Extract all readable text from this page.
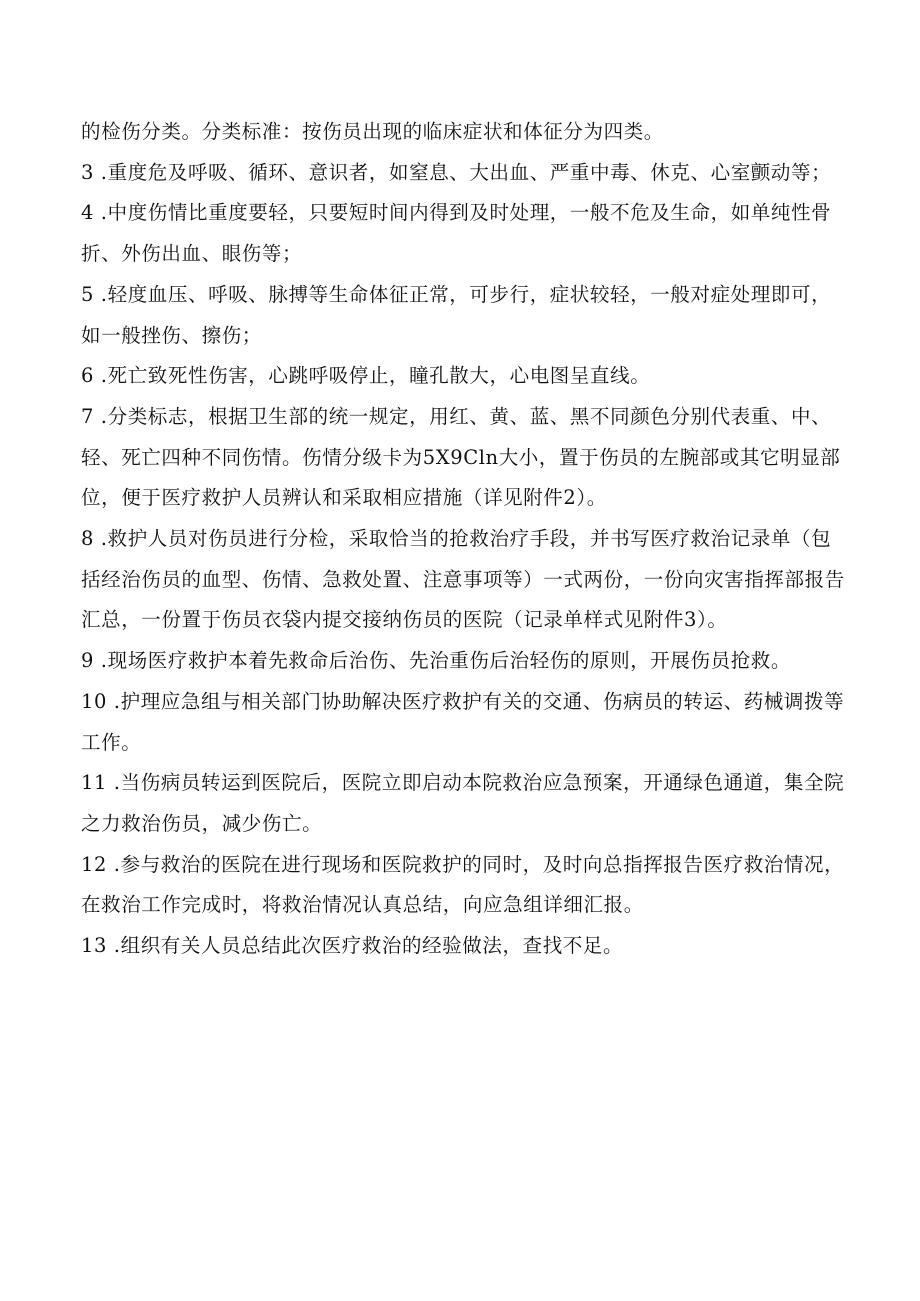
的检伤分类。分类标准：按伤员出现的临床症状和体征分为四类。

3 .重度危及呼吸、循环、意识者，如窒息、大出血、严重中毒、休克、心室颤动等；

4 .中度伤情比重度要轻，只要短时间内得到及时处理，一般不危及生命，如单纯性骨折、外伤出血、眼伤等；

5 .轻度血压、呼吸、脉搏等生命体征正常，可步行，症状较轻，一般对症处理即可，如一般挫伤、擦伤；

6 .死亡致死性伤害，心跳呼吸停止，瞳孔散大，心电图呈直线。

7 .分类标志，根据卫生部的统一规定，用红、黄、蓝、黑不同颜色分别代表重、中、轻、死亡四种不同伤情。伤情分级卡为5X9Cln大小，置于伤员的左腕部或其它明显部位，便于医疗救护人员辨认和采取相应措施（详见附件2）。

8 .救护人员对伤员进行分检，采取恰当的抢救治疗手段，并书写医疗救治记录单（包括经治伤员的血型、伤情、急救处置、注意事项等）一式两份，一份向灾害指挥部报告汇总，一份置于伤员衣袋内提交接纳伤员的医院（记录单样式见附件3）。

9 .现场医疗救护本着先救命后治伤、先治重伤后治轻伤的原则，开展伤员抢救。

10 .护理应急组与相关部门协助解决医疗救护有关的交通、伤病员的转运、药械调拨等工作。

11 .当伤病员转运到医院后，医院立即启动本院救治应急预案，开通绿色通道，集全院之力救治伤员，减少伤亡。

12 .参与救治的医院在进行现场和医院救护的同时，及时向总指挥报告医疗救治情况，在救治工作完成时，将救治情况认真总结，向应急组详细汇报。

13 .组织有关人员总结此次医疗救治的经验做法，查找不足。
